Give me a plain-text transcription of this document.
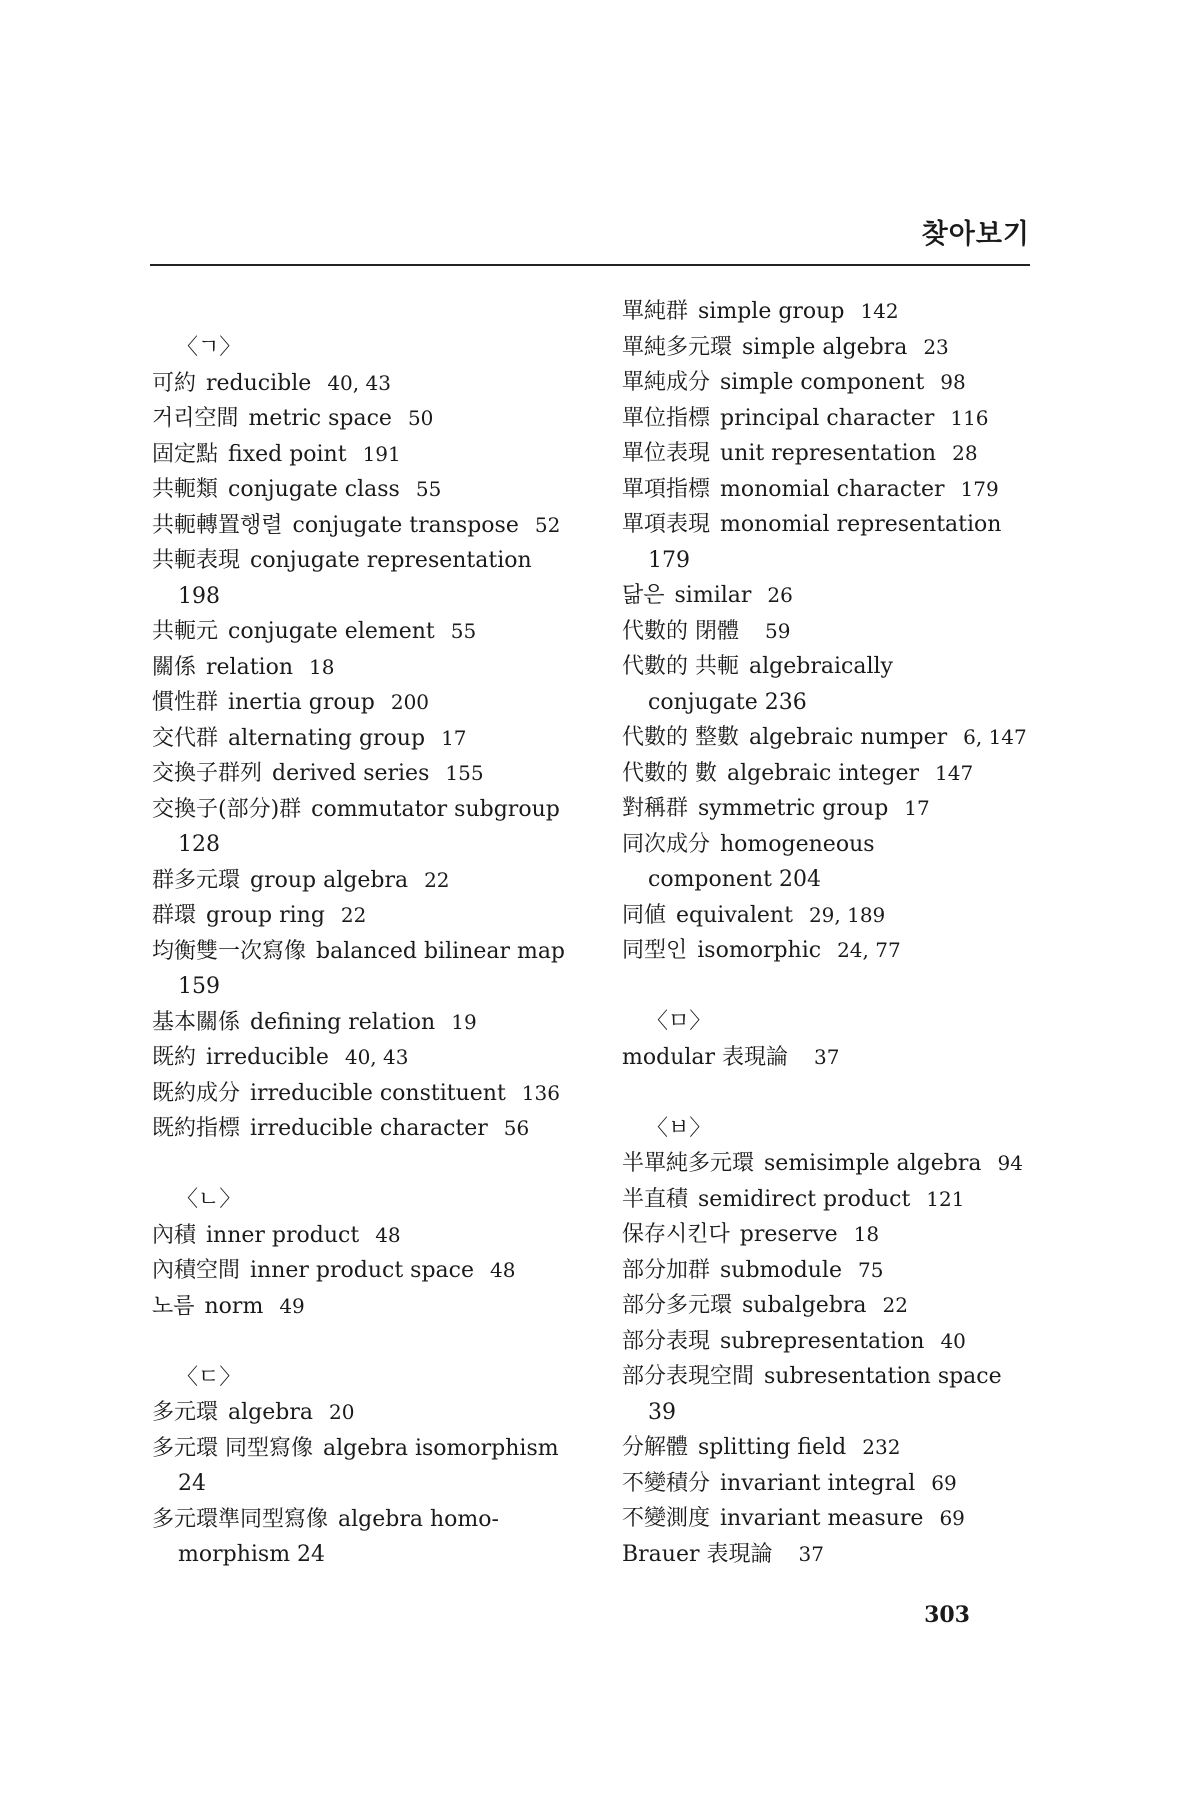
찾아보기
〈ㄱ〉
可約 reducible 40, 43
거리空間 metric space 50
固定點 fixed point 191
共軛類 conjugate class 55
共軛轉置행렬 conjugate transpose 52
共軛表現 conjugate representation
198
共軛元 conjugate element 55
關係 relation 18
慣性群 inertia group 200
交代群 alternating group 17
交換子群列 derived series 155
交換子(部分)群 commutator subgroup
128
群多元環 group algebra 22
群環 group ring 22
均衡雙一次寫像 balanced bilinear map
159
基本關係 defining relation 19
既約 irreducible 40, 43
既約成分 irreducible constituent 136
既約指標 irreducible character 56
〈ㄴ〉
內積 inner product 48
內積空間 inner product space 48
노름 norm 49
〈ㄷ〉
多元環 algebra 20
多元環 同型寫像 algebra isomorphism
24
多元環準同型寫像 algebra homo-
morphism 24
單純群 simple group 142
單純多元環 simple algebra 23
單純成分 simple component 98
單位指標 principal character 116
單位表現 unit representation 28
單項指標 monomial character 179
單項表現 monomial representation
179
닮은 similar 26
代數的 閉體 59
代數的 共軛 algebraically
conjugate 236
代數的 整數 algebraic numper 6, 147
代數的 數 algebraic integer 147
對稱群 symmetric group 17
同次成分 homogeneous
component 204
同値 equivalent 29, 189
同型인 isomorphic 24, 77
〈ㅁ〉
modular 表現論 37
〈ㅂ〉
半單純多元環 semisimple algebra 94
半直積 semidirect product 121
保存시킨다 preserve 18
部分加群 submodule 75
部分多元環 subalgebra 22
部分表現 subrepresentation 40
部分表現空間 subresentation space
39
分解體 splitting field 232
不變積分 invariant integral 69
不變測度 invariant measure 69
Brauer 表現論 37
303
